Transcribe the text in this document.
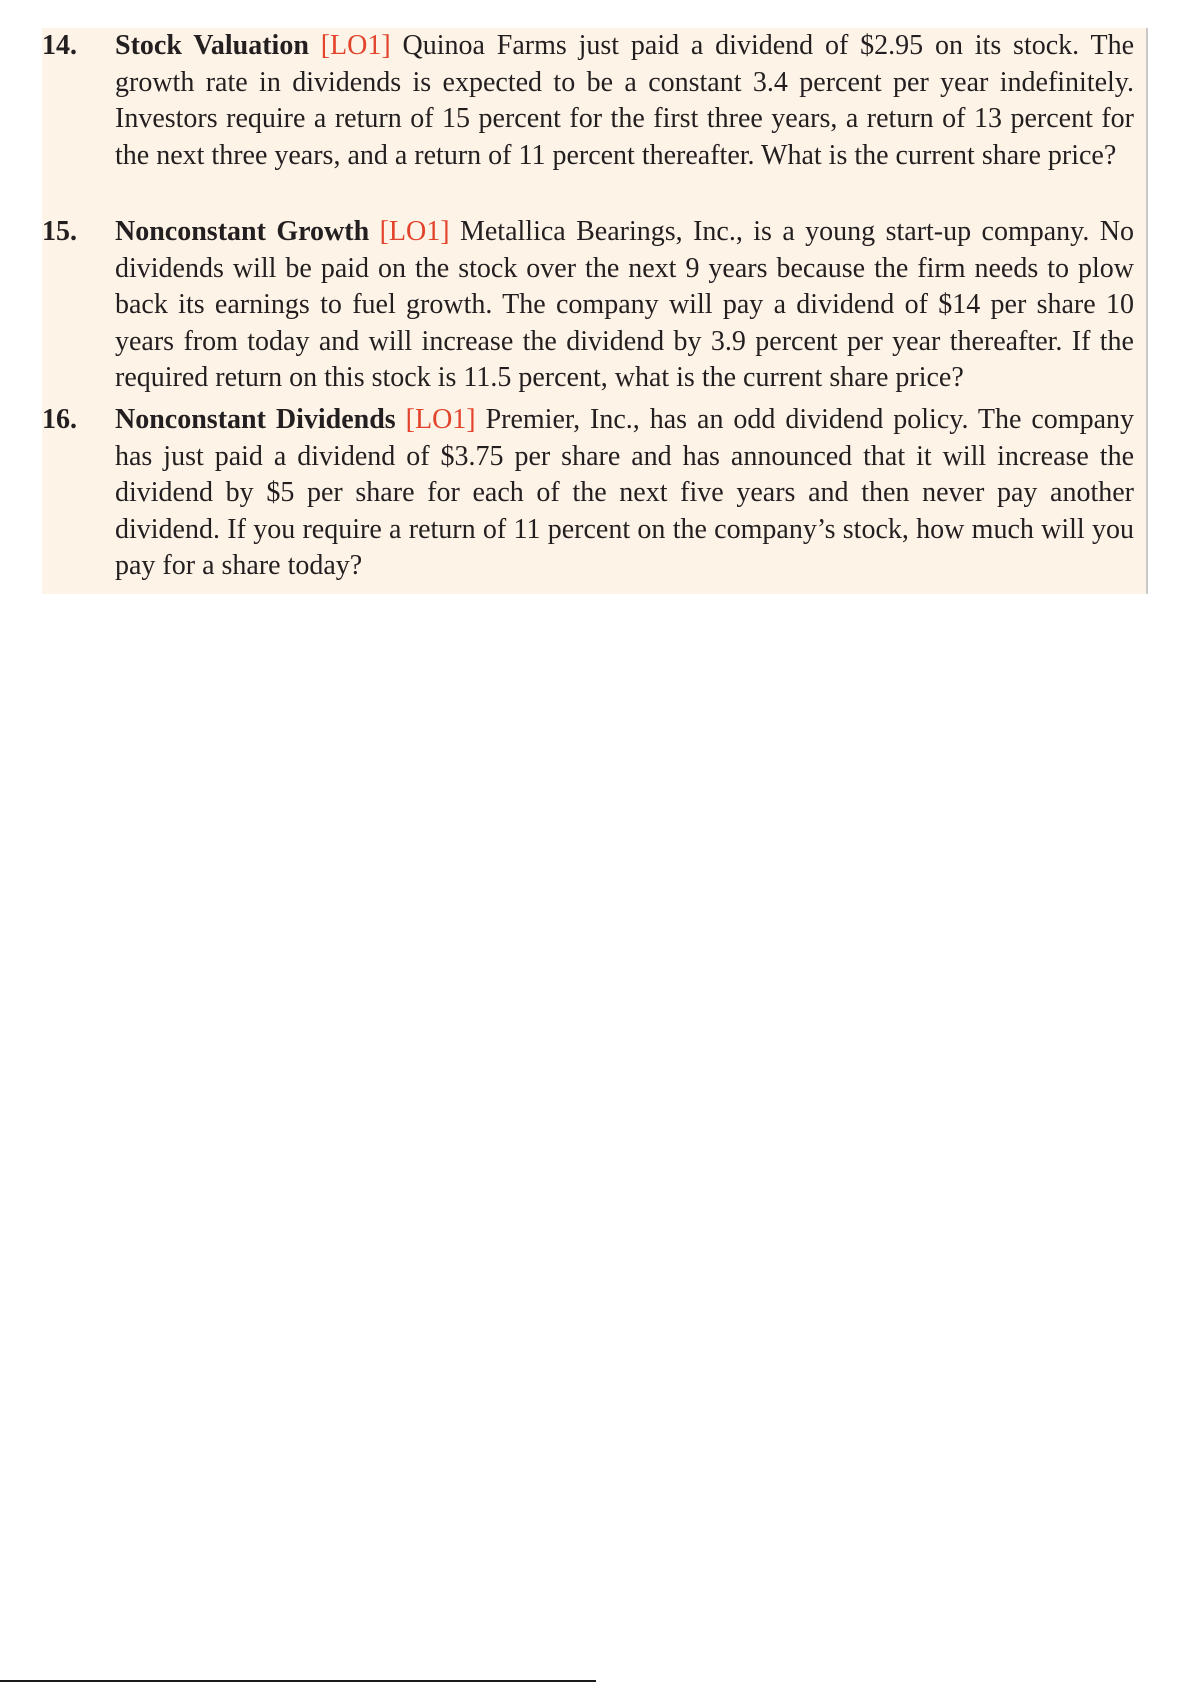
14. Stock Valuation [LO1] Quinoa Farms just paid a dividend of $2.95 on its stock. The growth rate in dividends is expected to be a constant 3.4 percent per year indefinitely. Investors require a return of 15 percent for the first three years, a return of 13 percent for the next three years, and a return of 11 percent thereafter. What is the current share price?
15. Nonconstant Growth [LO1] Metallica Bearings, Inc., is a young start-up company. No dividends will be paid on the stock over the next 9 years because the firm needs to plow back its earnings to fuel growth. The company will pay a dividend of $14 per share 10 years from today and will increase the dividend by 3.9 percent per year thereafter. If the required return on this stock is 11.5 percent, what is the current share price?
16. Nonconstant Dividends [LO1] Premier, Inc., has an odd dividend policy. The company has just paid a dividend of $3.75 per share and has announced that it will increase the dividend by $5 per share for each of the next five years and then never pay another dividend. If you require a return of 11 percent on the company’s stock, how much will you pay for a share today?
